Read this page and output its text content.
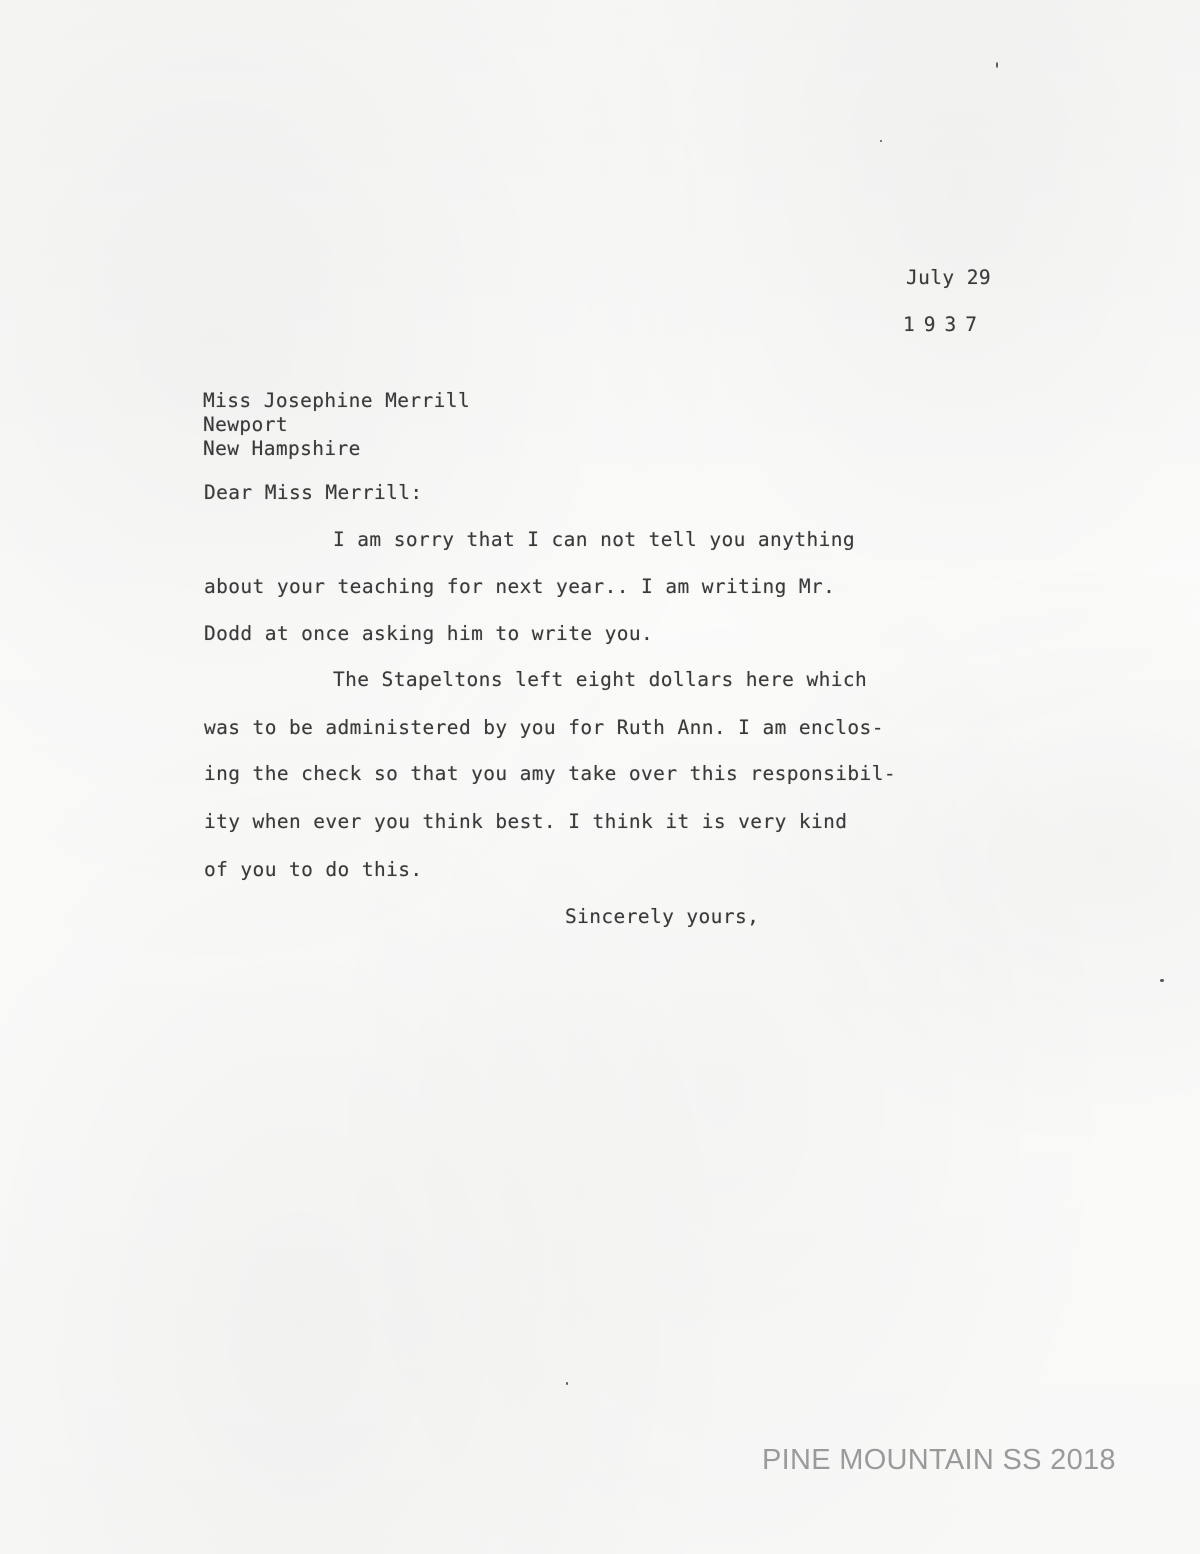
July 29
1937
Miss Josephine Merrill
Newport
New Hampshire
Dear Miss Merrill:
I am sorry that I can not tell you anything
about your teaching for next year.. I am writing Mr.
Dodd at once asking him to write you.
The Stapeltons left eight dollars here which
was to be administered by you for Ruth Ann. I am enclos-
ing the check so that you amy take over this responsibil-
ity when ever you think best. I think it is very kind
of you to do this.
Sincerely yours,
PINE MOUNTAIN SS 2018
